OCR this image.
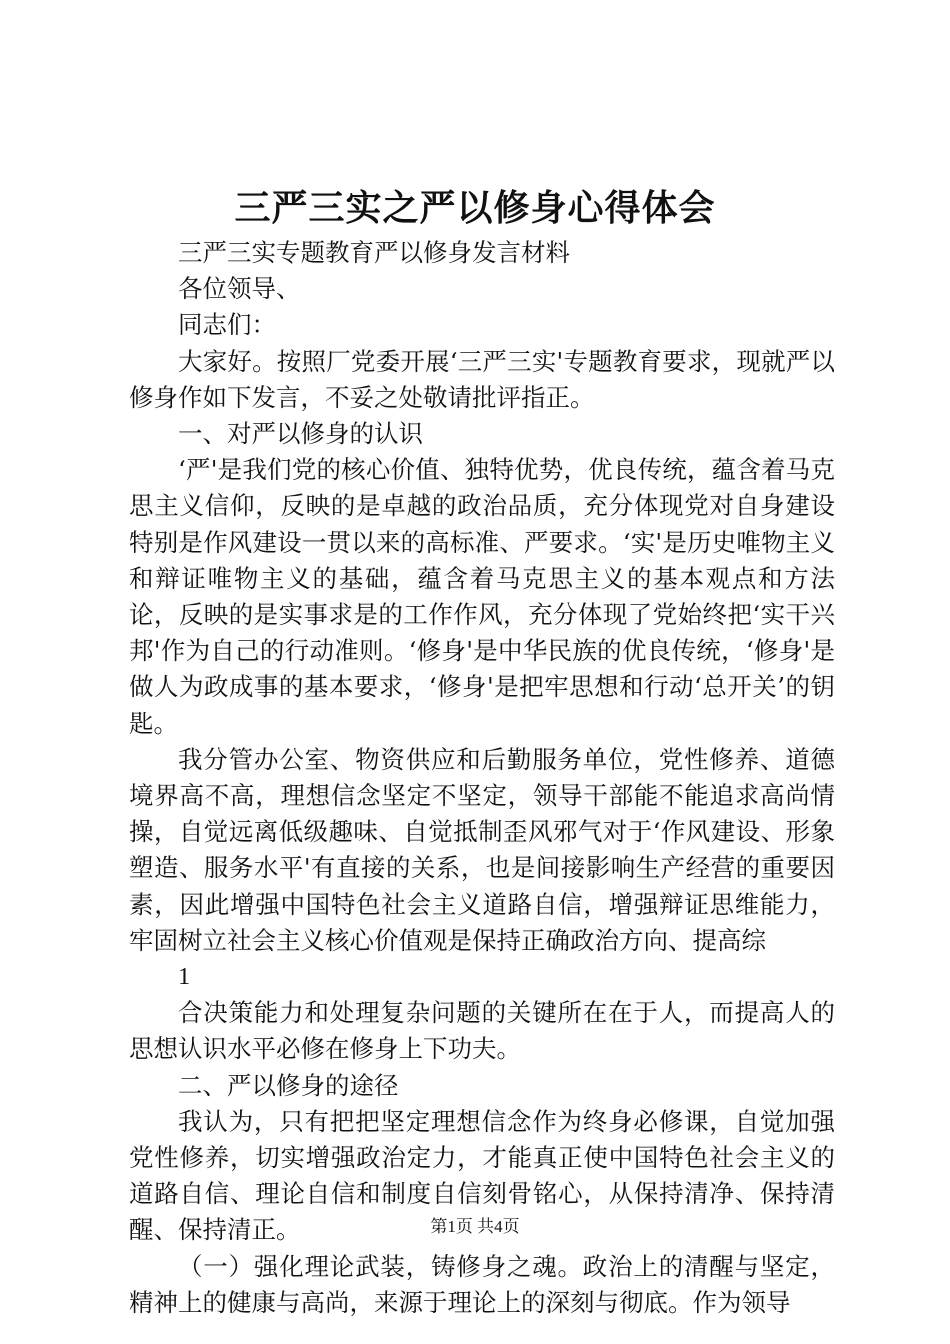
三严三实之严以修身心得体会

三严三实专题教育严以修身发言材料

各位领导、

同志们：

大家好。按照厂党委开展‘三严三实'专题教育要求，现就严以修身作如下发言，不妥之处敬请批评指正。

一、对严以修身的认识

‘严'是我们党的核心价值、独特优势，优良传统，蕴含着马克思主义信仰，反映的是卓越的政治品质，充分体现党对自身建设特别是作风建设一贯以来的高标准、严要求。‘实'是历史唯物主义和辩证唯物主义的基础，蕴含着马克思主义的基本观点和方法论，反映的是实事求是的工作作风，充分体现了党始终把‘实干兴邦'作为自己的行动准则。‘修身'是中华民族的优良传统，‘修身'是做人为政成事的基本要求，‘修身'是把牢思想和行动‘总开关’的钥匙。

我分管办公室、物资供应和后勤服务单位，党性修养、道德境界高不高，理想信念坚定不坚定，领导干部能不能追求高尚情操，自觉远离低级趣味、自觉抵制歪风邪气对于‘作风建设、形象塑造、服务水平'有直接的关系，也是间接影响生产经营的重要因素，因此增强中国特色社会主义道路自信，增强辩证思维能力，牢固树立社会主义核心价值观是保持正确政治方向、提高综

1

合决策能力和处理复杂问题的关键所在在于人，而提高人的思想认识水平必修在修身上下功夫。

二、严以修身的途径

我认为，只有把把坚定理想信念作为终身必修课，自觉加强党性修养，切实增强政治定力，才能真正使中国特色社会主义的道路自信、理论自信和制度自信刻骨铭心，从保持清净、保持清醒、保持清正。

（一）强化理论武装，铸修身之魂。政治上的清醒与坚定，精神上的健康与高尚，来源于理论上的深刻与彻底。作为领导

第1页 共4页
